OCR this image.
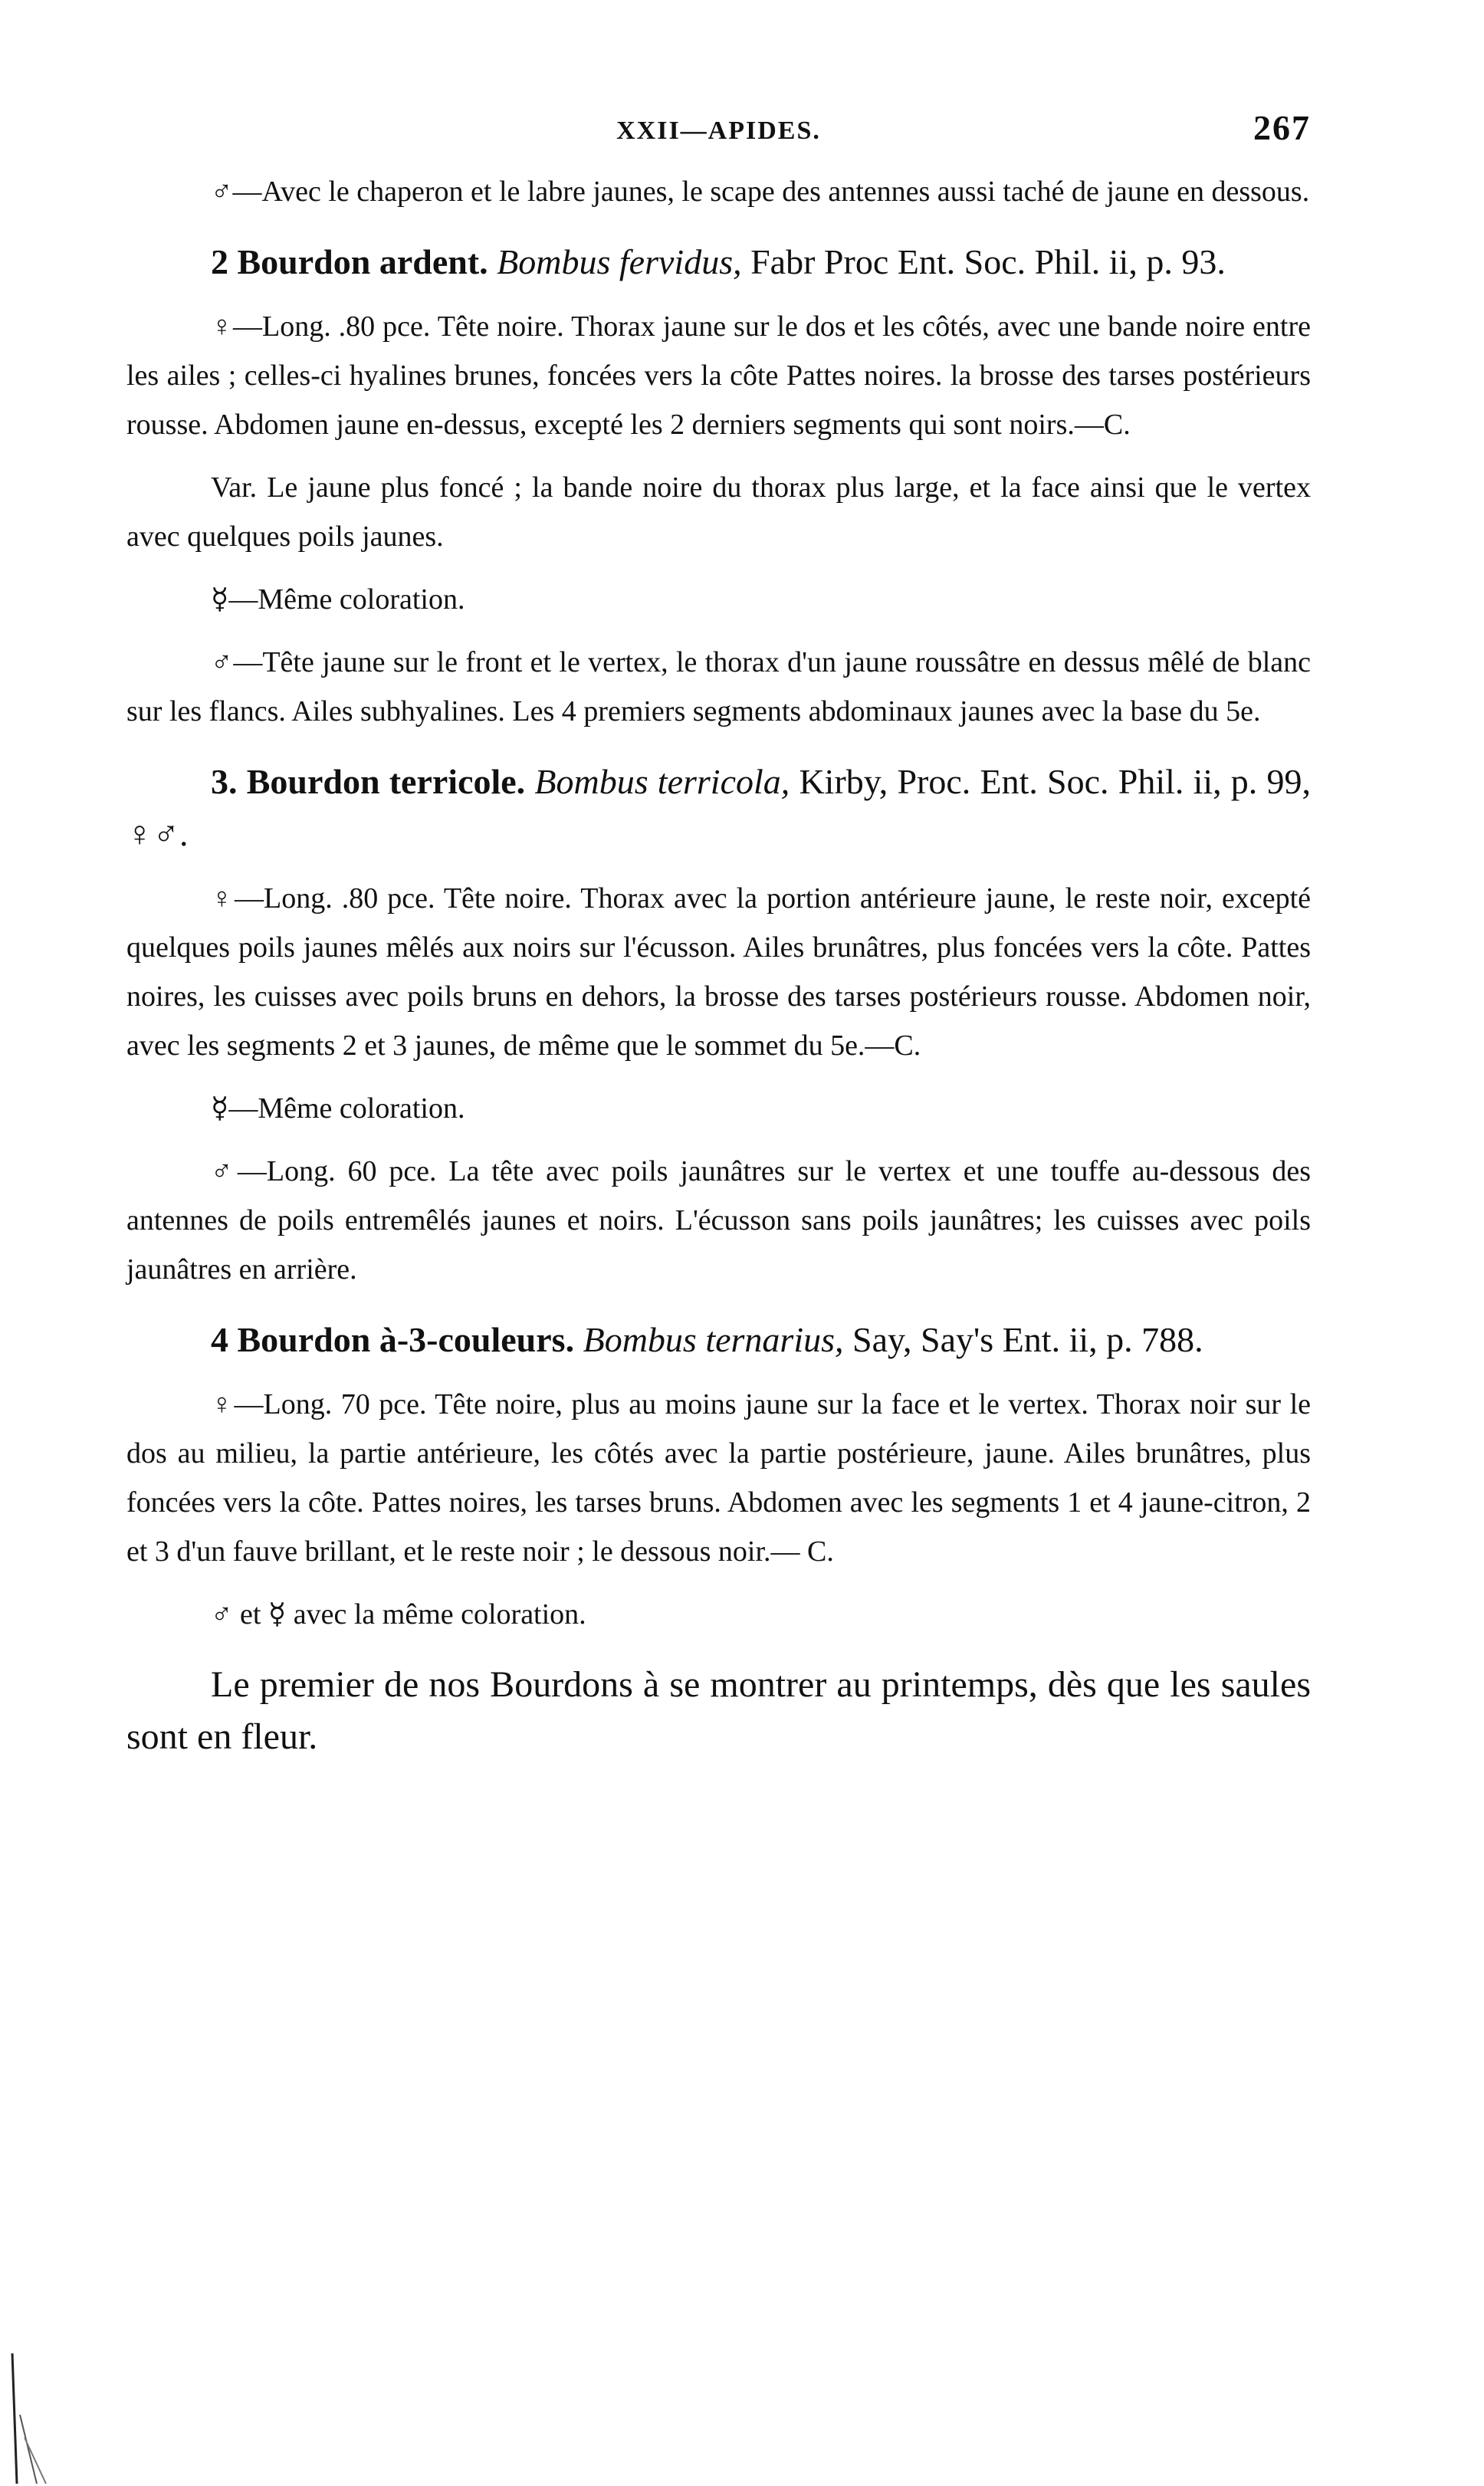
XXII—APIDES.	267

♂—Avec le chaperon et le labre jaunes, le scape des antennes aussi taché de jaune en dessous.

2 Bourdon ardent. Bombus fervidus, Fabr Proc Ent. Soc. Phil. ii, p. 93.

♀—Long. .80 pce. Tête noire. Thorax jaune sur le dos et les côtés, avec une bande noire entre les ailes ; celles-ci hyalines brunes, foncées vers la côte Pattes noires. la brosse des tarses postérieurs rousse. Abdomen jaune en-dessus, excepté les 2 derniers segments qui sont noirs.—C.

Var. Le jaune plus foncé ; la bande noire du thorax plus large, et la face ainsi que le vertex avec quelques poils jaunes.

☿—Même coloration.

♂—Tête jaune sur le front et le vertex, le thorax d'un jaune roussâtre en dessus mêlé de blanc sur les flancs. Ailes subhyalines. Les 4 premiers segments abdominaux jaunes avec la base du 5e.

3. Bourdon terricole. Bombus terricola, Kirby, Proc. Ent. Soc. Phil. ii, p. 99, ♀♂.

♀—Long. .80 pce. Tête noire. Thorax avec la portion antérieure jaune, le reste noir, excepté quelques poils jaunes mêlés aux noirs sur l'écusson. Ailes brunâtres, plus foncées vers la côte. Pattes noires, les cuisses avec poils bruns en dehors, la brosse des tarses postérieurs rousse. Abdomen noir, avec les segments 2 et 3 jaunes, de même que le sommet du 5e.—C.

☿—Même coloration.

♂—Long. 60 pce. La tête avec poils jaunâtres sur le vertex et une touffe au-dessous des antennes de poils entremêlés jaunes et noirs. L'écusson sans poils jaunâtres; les cuisses avec poils jaunâtres en arrière.

4 Bourdon à-3-couleurs. Bombus ternarius, Say, Say's Ent. ii, p. 788.

♀—Long. 70 pce. Tête noire, plus au moins jaune sur la face et le vertex. Thorax noir sur le dos au milieu, la partie antérieure, les côtés avec la partie postérieure, jaune. Ailes brunâtres, plus foncées vers la côte. Pattes noires, les tarses bruns. Abdomen avec les segments 1 et 4 jaune-citron, 2 et 3 d'un fauve brillant, et le reste noir ; le dessous noir.— C.

♂ et ☿ avec la même coloration.

Le premier de nos Bourdons à se montrer au printemps, dès que les saules sont en fleur.
